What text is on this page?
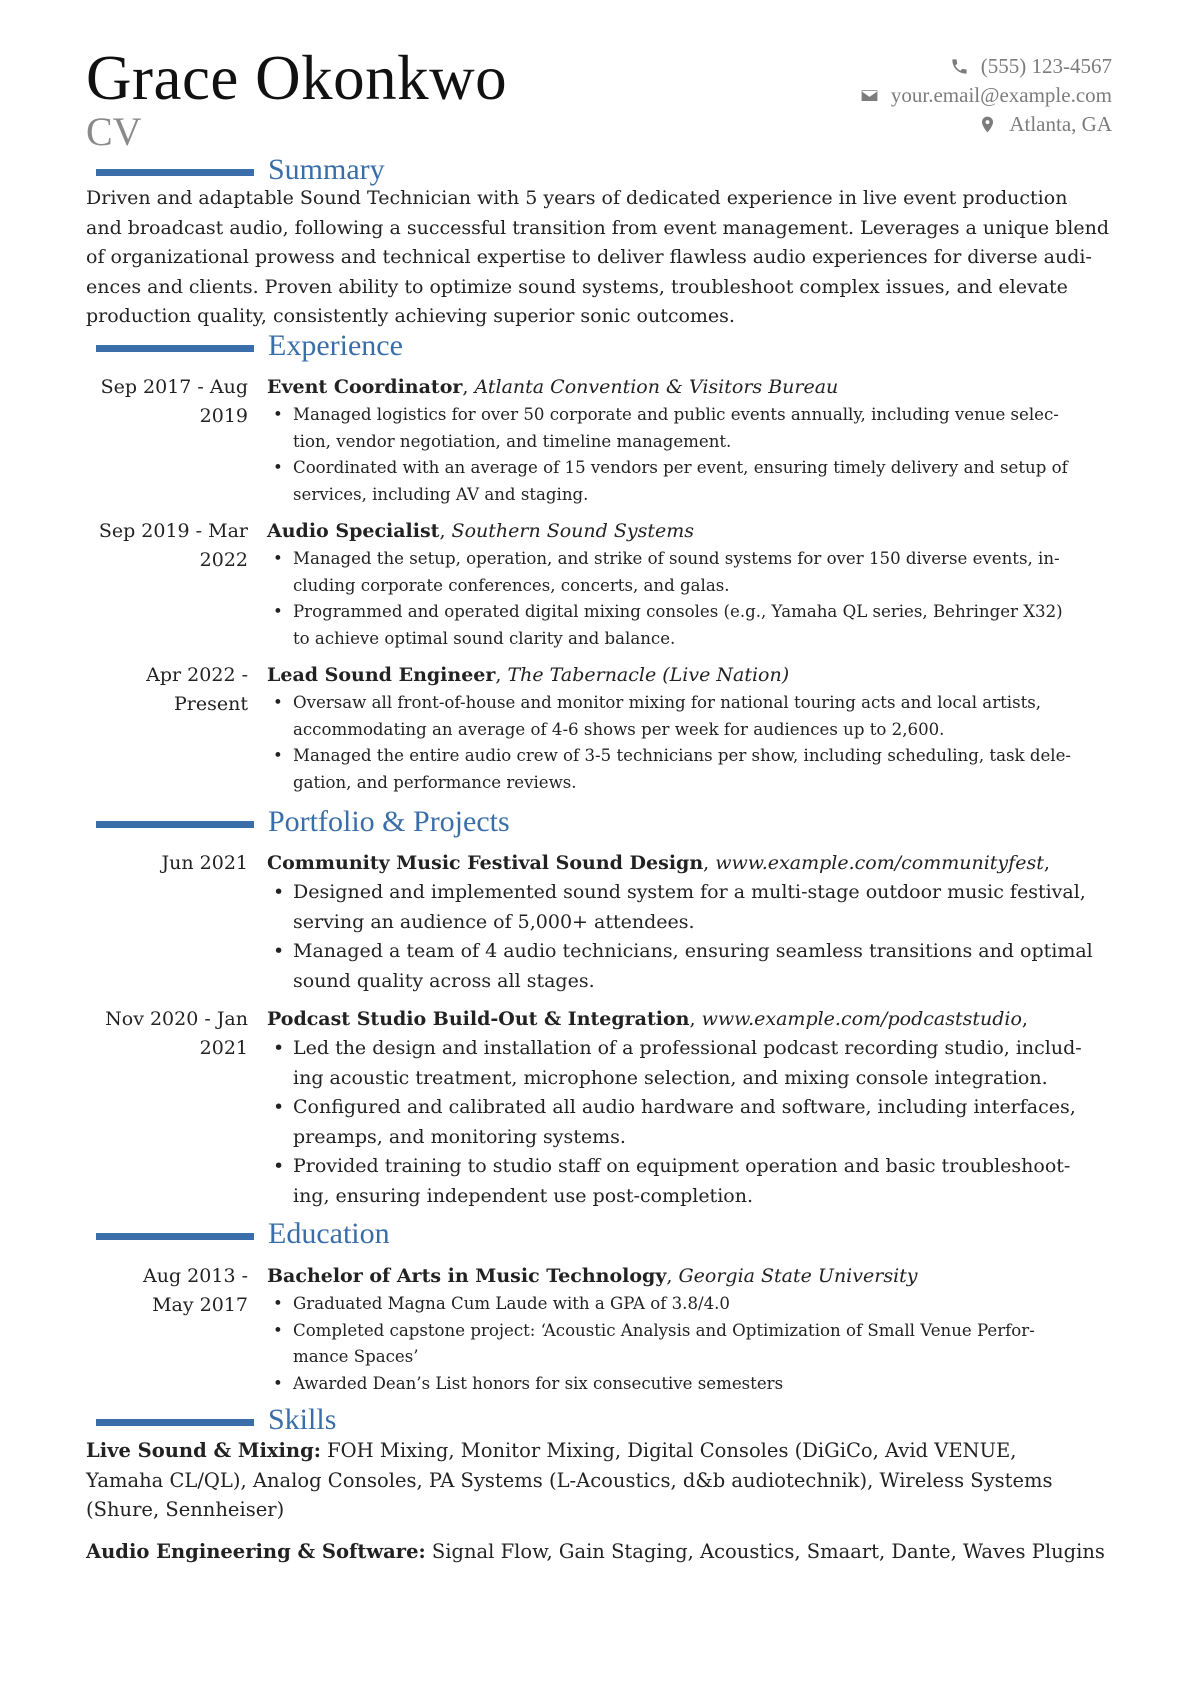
Grace Okonkwo
CV
(555) 123-4567
your.email@example.com
Atlanta, GA
Summary

Driven and adaptable Sound Technician with 5 years of dedicated experience in live event production

and broadcast audio, following a successful transition from event management. Leverages a unique blend

of organizational prowess and technical expertise to deliver flawless audio experiences for diverse audi-

ences and clients. Proven ability to optimize sound systems, troubleshoot complex issues, and elevate

production quality, consistently achieving superior sonic outcomes.

Experience
Sep 2017 - Aug
2019
Event Coordinator, Atlanta Convention & Visitors Bureau
• Managed logistics for over 50 corporate and public events annually, including venue selec-
tion, vendor negotiation, and timeline management.
• Coordinated with an average of 15 vendors per event, ensuring timely delivery and setup of
services, including AV and staging.
Sep 2019 - Mar
2022
Audio Specialist, Southern Sound Systems
• Managed the setup, operation, and strike of sound systems for over 150 diverse events, in-
cluding corporate conferences, concerts, and galas.
• Programmed and operated digital mixing consoles (e.g., Yamaha QL series, Behringer X32)
to achieve optimal sound clarity and balance.
Apr 2022 -
Present
Lead Sound Engineer, The Tabernacle (Live Nation)
• Oversaw all front-of-house and monitor mixing for national touring acts and local artists,
accommodating an average of 4-6 shows per week for audiences up to 2,600.
• Managed the entire audio crew of 3-5 technicians per show, including scheduling, task dele-
gation, and performance reviews.
Portfolio & Projects
Jun 2021 Community Music Festival Sound Design, www.example.com/communityfest,
• Designed and implemented sound system for a multi-stage outdoor music festival,
serving an audience of 5,000+ attendees.
• Managed a team of 4 audio technicians, ensuring seamless transitions and optimal
sound quality across all stages.
Nov 2020 - Jan
2021
Podcast Studio Build-Out & Integration, www.example.com/podcaststudio,
• Led the design and installation of a professional podcast recording studio, includ-
ing acoustic treatment, microphone selection, and mixing console integration.
• Configured and calibrated all audio hardware and software, including interfaces,
preamps, and monitoring systems.
• Provided training to studio staff on equipment operation and basic troubleshoot-
ing, ensuring independent use post-completion.
Education
Aug 2013 -
May 2017
Bachelor of Arts in Music Technology, Georgia State University
• Graduated Magna Cum Laude with a GPA of 3.8/4.0
• Completed capstone project: ‘Acoustic Analysis and Optimization of Small Venue Perfor-
mance Spaces’
• Awarded Dean’s List honors for six consecutive semesters
Skills
Live Sound & Mixing: FOH Mixing, Monitor Mixing, Digital Consoles (DiGiCo, Avid VENUE,
Yamaha CL/QL), Analog Consoles, PA Systems (L-Acoustics, d&b audiotechnik), Wireless Systems
(Shure, Sennheiser)
Audio Engineering & Software: Signal Flow, Gain Staging, Acoustics, Smaart, Dante, Waves Plugins
